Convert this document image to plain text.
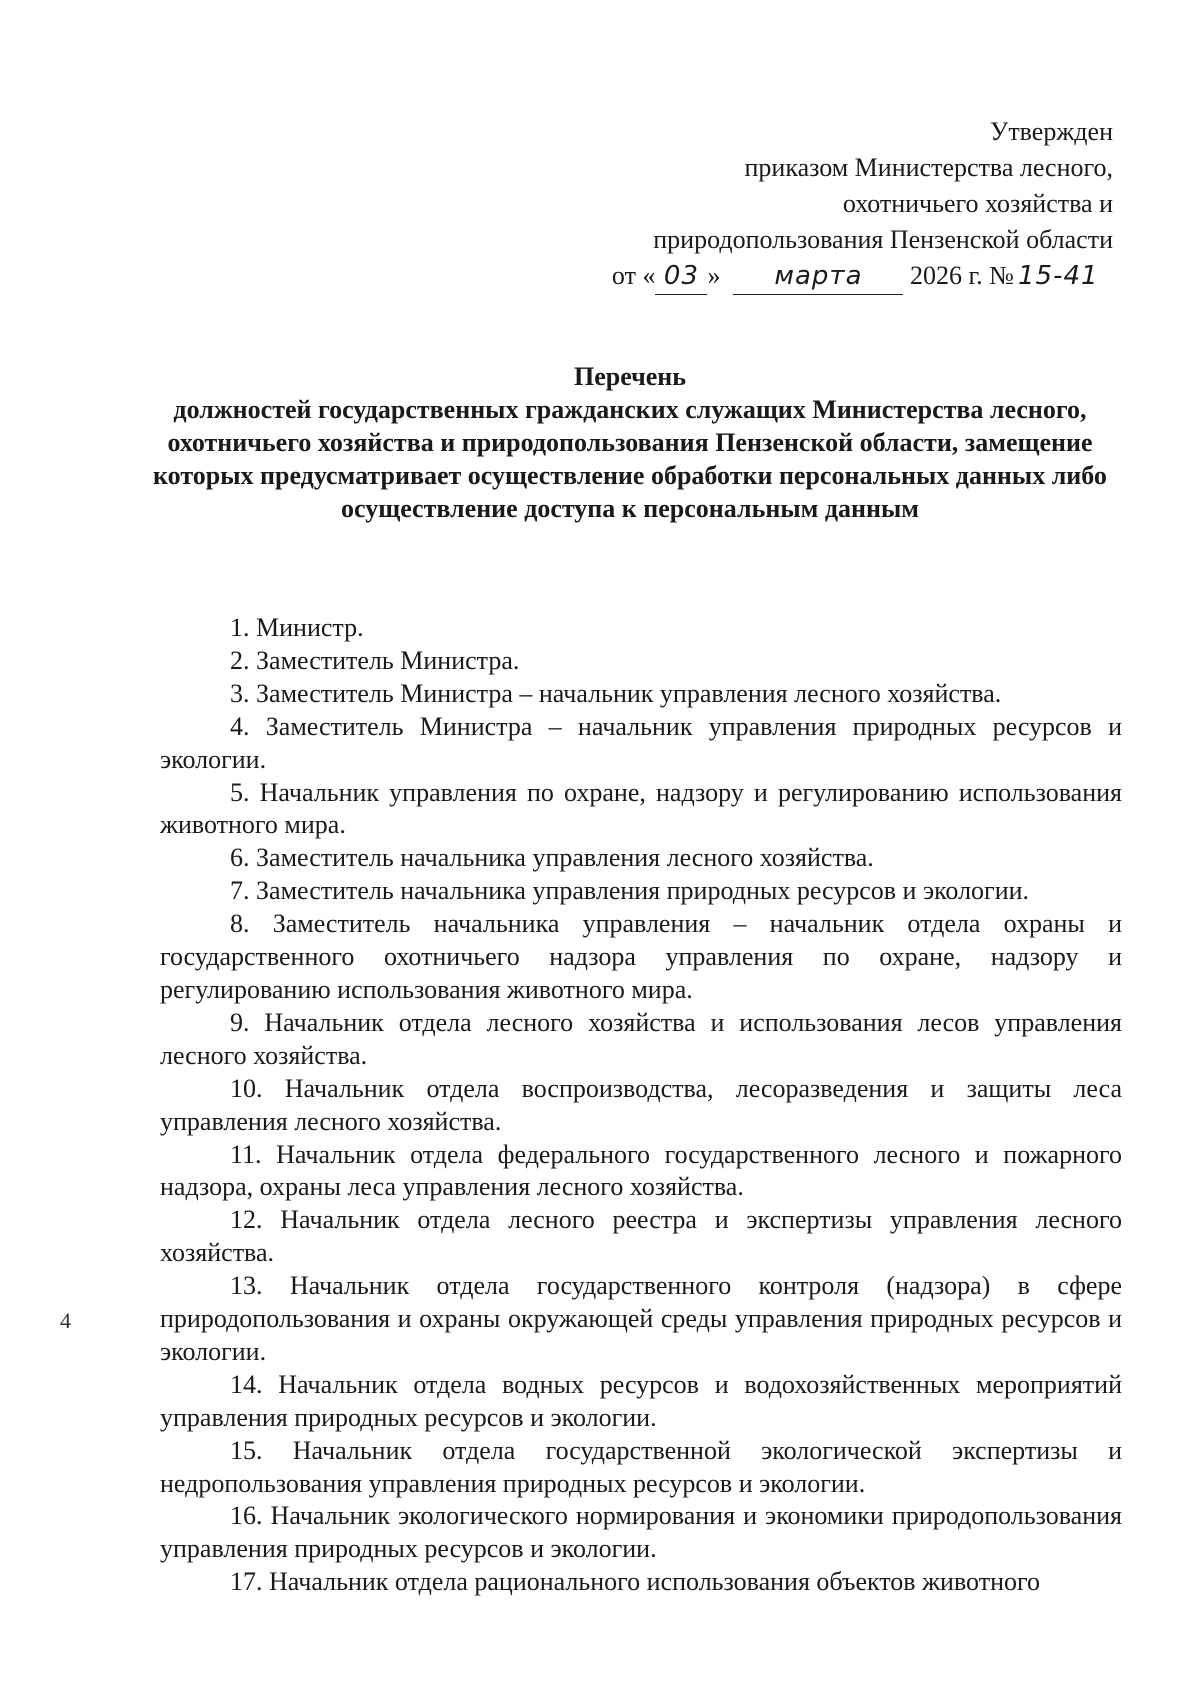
Утвержден
приказом Министерства лесного,
охотничьего хозяйства и
природопользования Пензенской области
от « 03 » марта 2026 г. № 15-41
Перечень
должностей государственных гражданских служащих Министерства лесного, охотничьего хозяйства и природопользования Пензенской области, замещение которых предусматривает осуществление обработки персональных данных либо осуществление доступа к персональным данным

1. Министр.

2. Заместитель Министра.

3. Заместитель Министра – начальник управления лесного хозяйства.

4. Заместитель Министра – начальник управления природных ресурсов и экологии.

5. Начальник управления по охране, надзору и регулированию использования животного мира.

6. Заместитель начальника управления лесного хозяйства.

7. Заместитель начальника управления природных ресурсов и экологии.

8. Заместитель начальника управления – начальник отдела охраны и государственного охотничьего надзора управления по охране, надзору и регулированию использования животного мира.

9. Начальник отдела лесного хозяйства и использования лесов управления лесного хозяйства.

10. Начальник отдела воспроизводства, лесоразведения и защиты леса управления лесного хозяйства.

11. Начальник отдела федерального государственного лесного и пожарного надзора, охраны леса управления лесного хозяйства.

12. Начальник отдела лесного реестра и экспертизы управления лесного хозяйства.

13. Начальник отдела государственного контроля (надзора) в сфере природопользования и охраны окружающей среды управления природных ресурсов и экологии.

14. Начальник отдела водных ресурсов и водохозяйственных мероприятий управления природных ресурсов и экологии.

15. Начальник отдела государственной экологической экспертизы и недропользования управления природных ресурсов и экологии.

16. Начальник экологического нормирования и экономики природопользования управления природных ресурсов и экологии.

17. Начальник отдела рационального использования объектов животного

4
